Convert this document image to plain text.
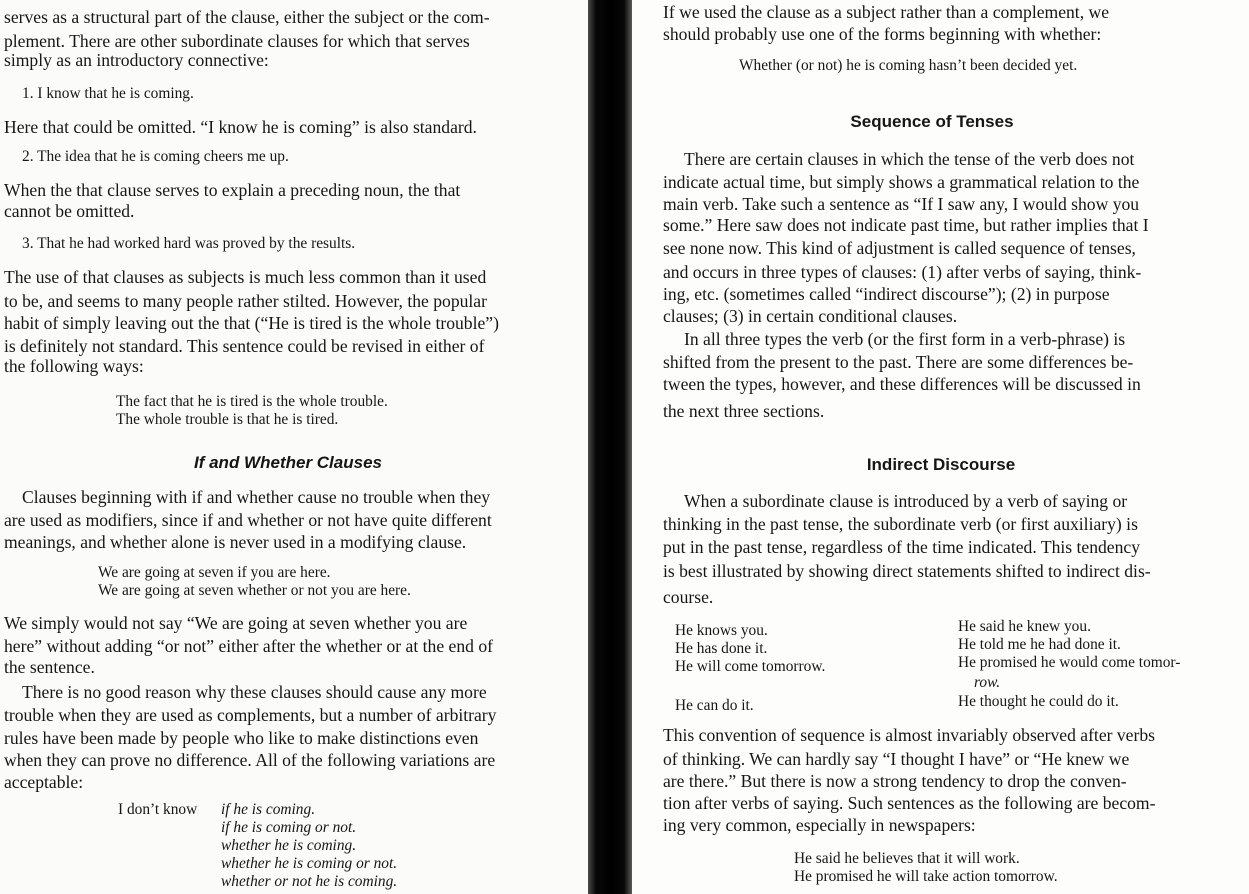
serves as a structural part of the clause, either the subject or the com-

plement. There are other subordinate clauses for which that serves

simply as an introductory connective:

1. I know that he is coming.

Here that could be omitted. “I know he is coming” is also standard.

2. The idea that he is coming cheers me up.

When the that clause serves to explain a preceding noun, the that

cannot be omitted.

3. That he had worked hard was proved by the results.

The use of that clauses as subjects is much less common than it used

to be, and seems to many people rather stilted. However, the popular

habit of simply leaving out the that (“He is tired is the whole trouble”)

is definitely not standard. This sentence could be revised in either of

the following ways:

The fact that he is tired is the whole trouble.

The whole trouble is that he is tired.

If and Whether Clauses

Clauses beginning with if and whether cause no trouble when they

are used as modifiers, since if and whether or not have quite different

meanings, and whether alone is never used in a modifying clause.

We are going at seven if you are here.

We are going at seven whether or not you are here.

We simply would not say “We are going at seven whether you are

here” without adding “or not” either after the whether or at the end of

the sentence.

There is no good reason why these clauses should cause any more

trouble when they are used as complements, but a number of arbitrary

rules have been made by people who like to make distinctions even

when they can prove no difference. All of the following variations are

acceptable:

I don’t know if he is coming.
if he is coming or not.
whether he is coming.
whether he is coming or not.
whether or not he is coming.

If we used the clause as a subject rather than a complement, we

should probably use one of the forms beginning with whether:

Whether (or not) he is coming hasn’t been decided yet.

Sequence of Tenses

There are certain clauses in which the tense of the verb does not

indicate actual time, but simply shows a grammatical relation to the

main verb. Take such a sentence as “If I saw any, I would show you

some.” Here saw does not indicate past time, but rather implies that I

see none now. This kind of adjustment is called sequence of tenses,

and occurs in three types of clauses: (1) after verbs of saying, think-

ing, etc. (sometimes called “indirect discourse”); (2) in purpose

clauses; (3) in certain conditional clauses.

In all three types the verb (or the first form in a verb-phrase) is

shifted from the present to the past. There are some differences be-

tween the types, however, and these differences will be discussed in

the next three sections.

Indirect Discourse

When a subordinate clause is introduced by a verb of saying or

thinking in the past tense, the subordinate verb (or first auxiliary) is

put in the past tense, regardless of the time indicated. This tendency

is best illustrated by showing direct statements shifted to indirect dis-

course.

He knows you.

He has done it.

He will come tomorrow.

He can do it.

He said he knew you.

He told me he had done it.

He promised he would come tomor-

row.

He thought he could do it.

This convention of sequence is almost invariably observed after verbs

of thinking. We can hardly say “I thought I have” or “He knew we

are there.” But there is now a strong tendency to drop the conven-

tion after verbs of saying. Such sentences as the following are becom-

ing very common, especially in newspapers:

He said he believes that it will work.

He promised he will take action tomorrow.
